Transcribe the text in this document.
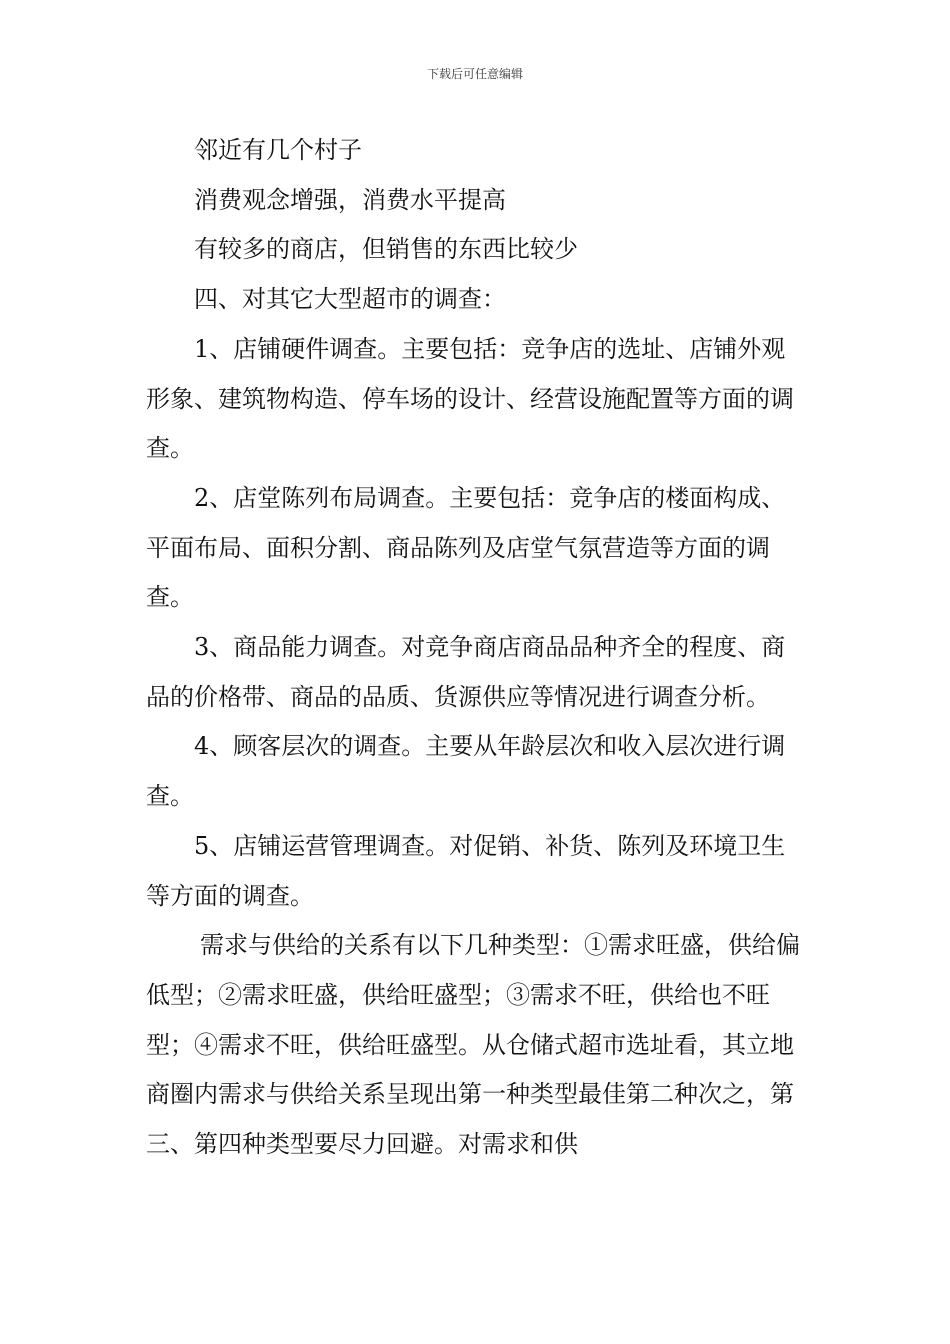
下载后可任意编辑

邻近有几个村子

消费观念增强，消费水平提高

有较多的商店，但销售的东西比较少

四、对其它大型超市的调查：

1、店铺硬件调查。主要包括：竞争店的选址、店铺外观形象、建筑物构造、停车场的设计、经营设施配置等方面的调查。

2、店堂陈列布局调查。主要包括：竞争店的楼面构成、平面布局、面积分割、商品陈列及店堂气氛营造等方面的调查。

3、商品能力调查。对竞争商店商品品种齐全的程度、商品的价格带、商品的品质、货源供应等情况进行调查分析。

4、顾客层次的调查。主要从年龄层次和收入层次进行调查。

5、店铺运营管理调查。对促销、补货、陈列及环境卫生等方面的调查。

需求与供给的关系有以下几种类型：①需求旺盛，供给偏低型；②需求旺盛，供给旺盛型；③需求不旺，供给也不旺型；④需求不旺，供给旺盛型。从仓储式超市选址看，其立地商圈内需求与供给关系呈现出第一种类型最佳第二种次之，第三、第四种类型要尽力回避。对需求和供
